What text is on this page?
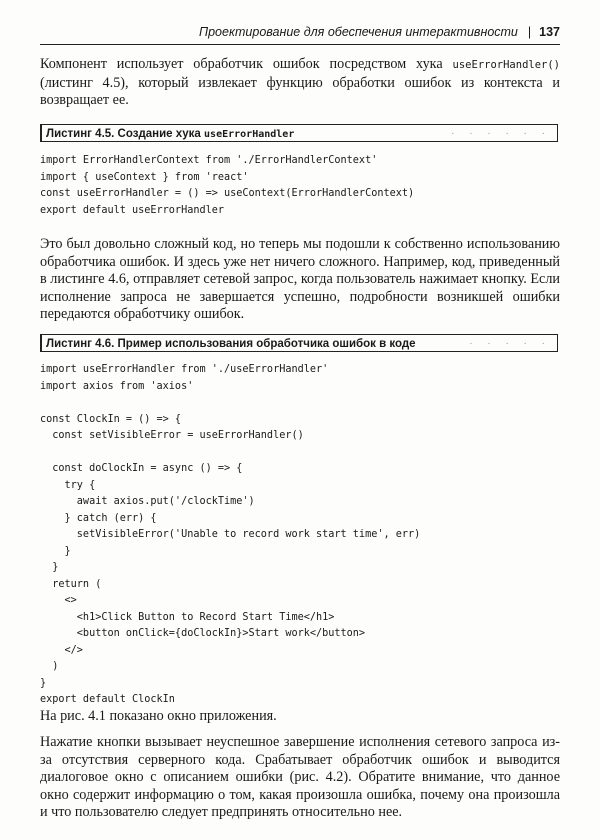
Проектирование для обеспечения интерактивности | 137
Компонент использует обработчик ошибок посредством хука useErrorHandler() (листинг 4.5), который извлекает функцию обработки ошибок из контекста и возвращает ее.
Листинг 4.5. Создание хука useErrorHandler	· · · · · ·
import ErrorHandlerContext from './ErrorHandlerContext'
import { useContext } from 'react'
const useErrorHandler = () => useContext(ErrorHandlerContext)
export default useErrorHandler
Это был довольно сложный код, но теперь мы подошли к собственно использованию обработчика ошибок. И здесь уже нет ничего сложного. Например, код, приведенный в листинге 4.6, отправляет сетевой запрос, когда пользователь нажимает кнопку. Если исполнение запроса не завершается успешно, подробности возникшей ошибки передаются обработчику ошибок.
Листинг 4.6. Пример использования обработчика ошибок в коде	· · · · ·
import useErrorHandler from './useErrorHandler'
import axios from 'axios'
const ClockIn = () => {
const setVisibleError = useErrorHandler()
const doClockIn = async () => {
try {
await axios.put('/clockTime')
} catch (err) {
setVisibleError('Unable to record work start time', err)
}
}
return (
<>
<h1>Click Button to Record Start Time</h1>
<button onClick={doClockIn}>Start work</button>
</>
)
}
export default ClockIn
На рис. 4.1 показано окно приложения.
Нажатие кнопки вызывает неуспешное завершение исполнения сетевого запроса из-за отсутствия серверного кода. Срабатывает обработчик ошибок и выводится диалоговое окно с описанием ошибки (рис. 4.2). Обратите внимание, что данное окно содержит информацию о том, какая произошла ошибка, почему она произошла и что пользователю следует предпринять относительно нее.
